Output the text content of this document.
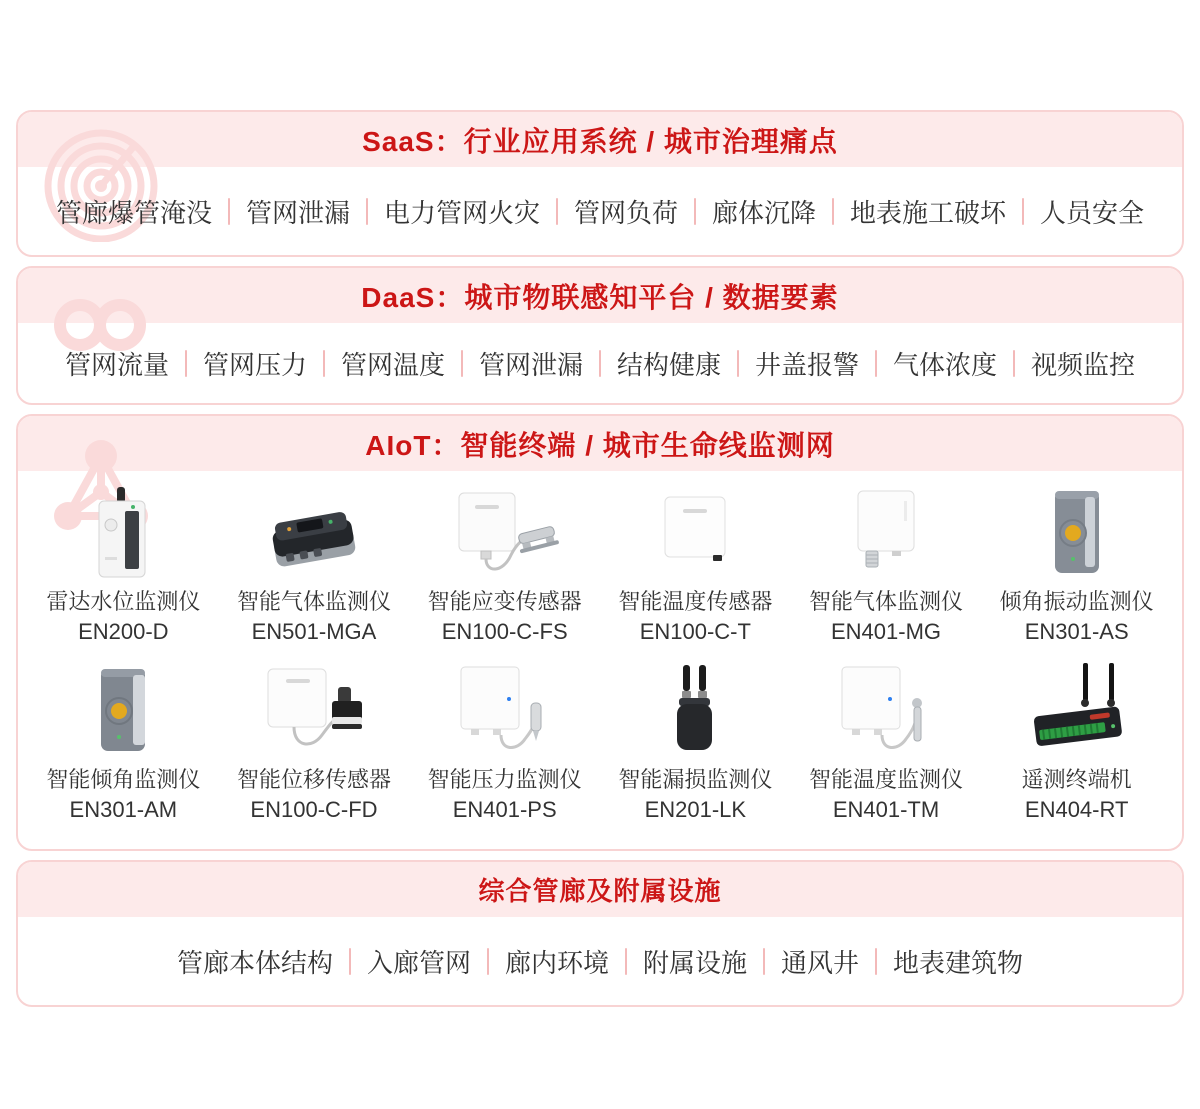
SaaS：行业应用系统 / 城市治理痛点
管廊爆管淹没 管网泄漏 电力管网火灾 管网负荷 廊体沉降 地表施工破坏 人员安全
DaaS：城市物联感知平台 / 数据要素
管网流量 管网压力 管网温度 管网泄漏 结构健康 井盖报警 气体浓度 视频监控
AIoT：智能终端 / 城市生命线监测网
雷达水位监测仪
EN200-D
智能气体监测仪
EN501-MGA
智能应变传感器
EN100-C-FS
智能温度传感器
EN100-C-T
智能气体监测仪
EN401-MG
倾角振动监测仪
EN301-AS
智能倾角监测仪
EN301-AM
智能位移传感器
EN100-C-FD
智能压力监测仪
EN401-PS
智能漏损监测仪
EN201-LK
智能温度监测仪
EN401-TM
遥测终端机
EN404-RT
综合管廊及附属设施
管廊本体结构 入廊管网 廊内环境 附属设施 通风井 地表建筑物
